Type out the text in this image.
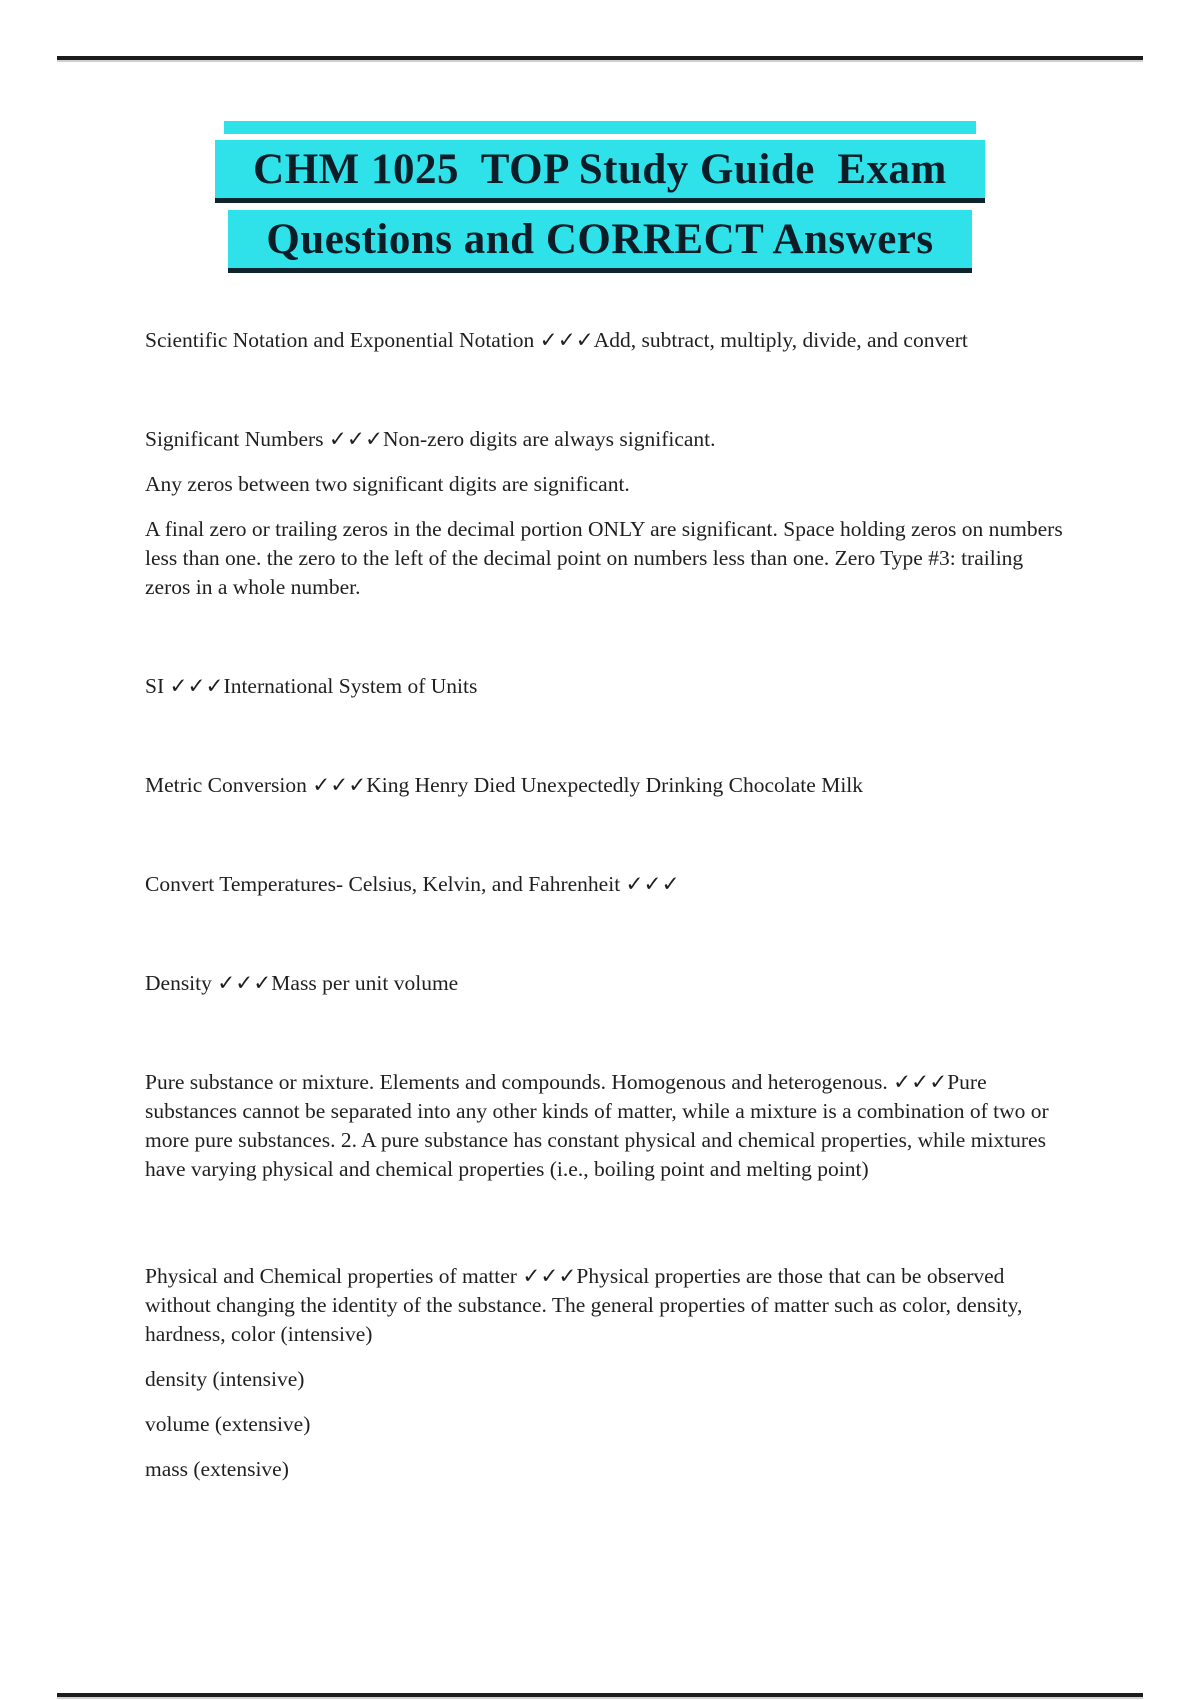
CHM 1025  TOP Study Guide  Exam
Questions and CORRECT Answers

Scientific Notation and Exponential Notation ✓✓✓Add, subtract, multiply, divide, and convert

Significant Numbers ✓✓✓Non-zero digits are always significant.

Any zeros between two significant digits are significant.

A final zero or trailing zeros in the decimal portion ONLY are significant. Space holding zeros on numbers less than one. the zero to the left of the decimal point on numbers less than one. Zero Type #3: trailing zeros in a whole number.

SI ✓✓✓International System of Units

Metric Conversion ✓✓✓King Henry Died Unexpectedly Drinking Chocolate Milk

Convert Temperatures- Celsius, Kelvin, and Fahrenheit ✓✓✓

Density ✓✓✓Mass per unit volume

Pure substance or mixture. Elements and compounds. Homogenous and heterogenous. ✓✓✓Pure substances cannot be separated into any other kinds of matter, while a mixture is a combination of two or more pure substances. 2. A pure substance has constant physical and chemical properties, while mixtures have varying physical and chemical properties (i.e., boiling point and melting point)

Physical and Chemical properties of matter ✓✓✓Physical properties are those that can be observed without changing the identity of the substance. The general properties of matter such as color, density, hardness, color (intensive)

density (intensive)

volume (extensive)

mass (extensive)
